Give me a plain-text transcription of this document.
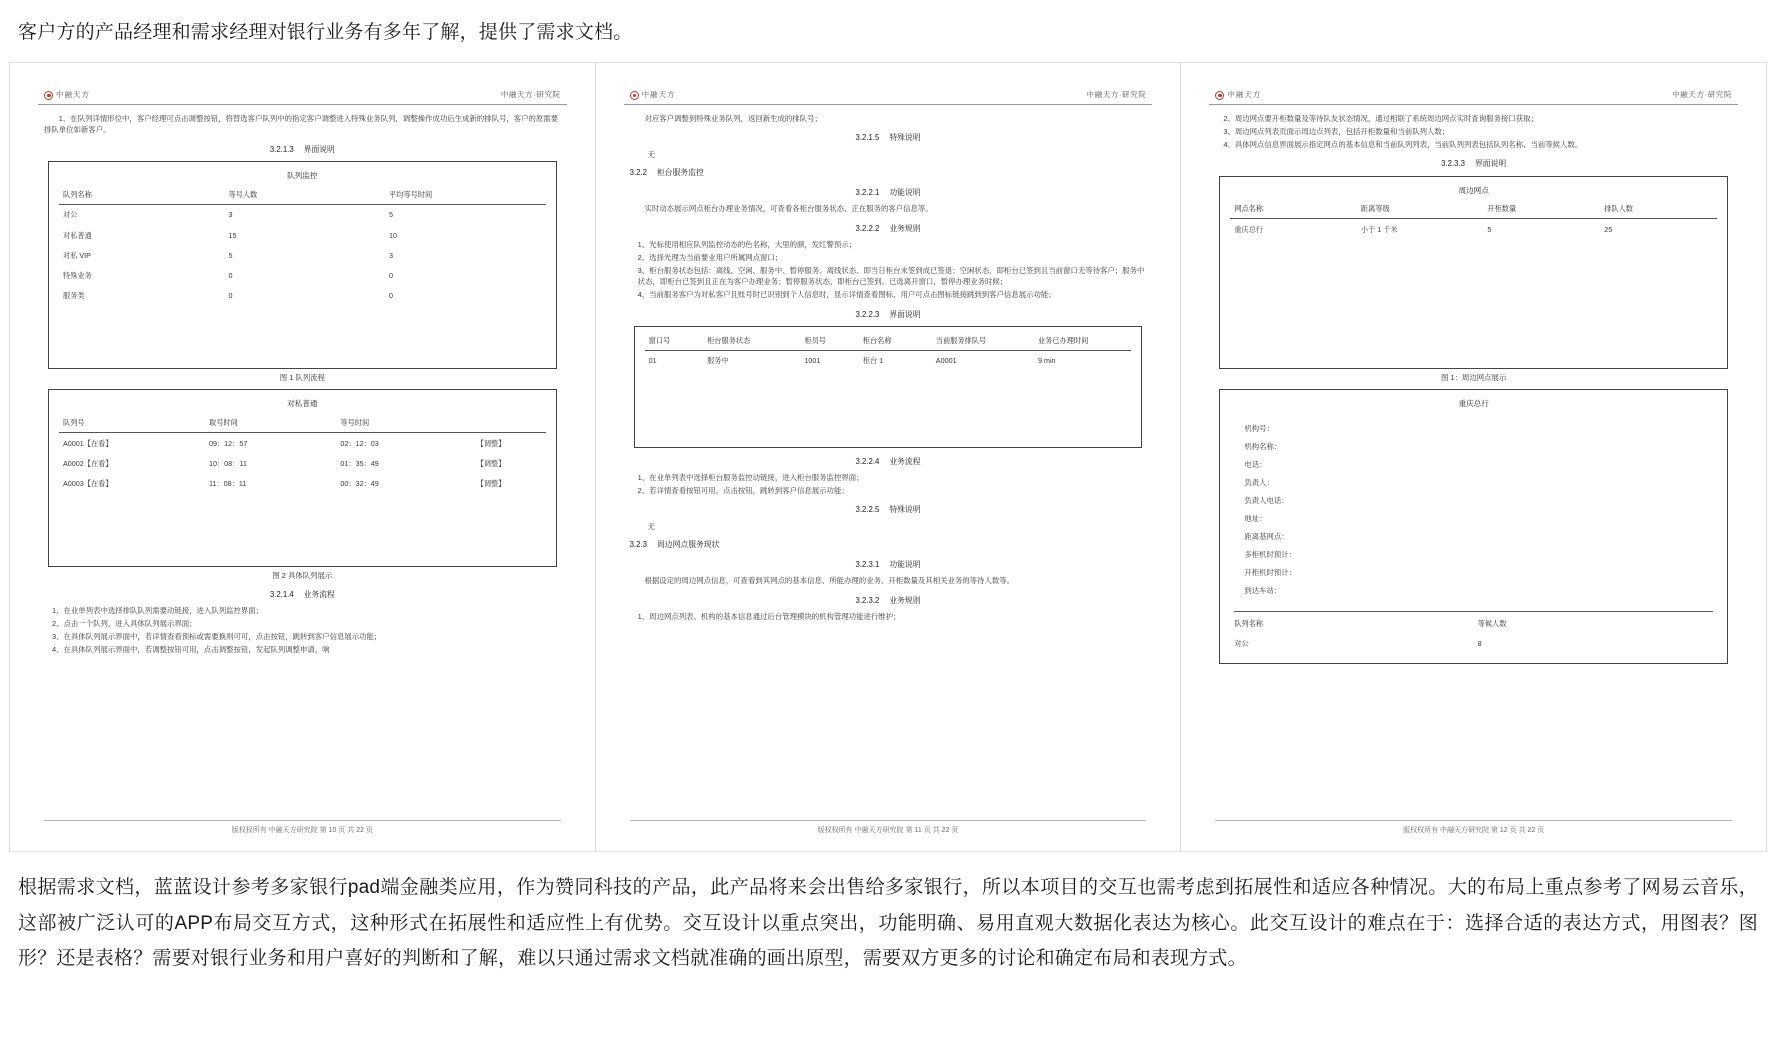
客户方的产品经理和需求经理对银行业务有多年了解，提供了需求文档。
中融天方	中融天方·研究院
1、在队列详情形位中，客户经理可点击调整按钮，将替选客户队列中的指定客户调整进入特殊业务队列，调整操作成功后生成新的排队号，客户的原需要排队单位如新客户。
3.2.1.3 界面说明
队列监控
队列名称	等号人数	平均等号时间
对公	3	5
对私普通	15	10
对私 VIP	5	3
特殊业务	0	0
服务类	0	0
图 1 队列流程
对私普通
队列号	取号时间	等号时间	
A0001【在看】	09：12：57	02：12：03	【调整】
A0002【在看】	10：08：11	01：35：49	【调整】
A0003【在看】	11：08：11	00：32：49	【调整】
图 2 具体队列展示
3.2.1.4 业务流程
1、在业单列表中选择排队队列需要动链接，进入队列监控界面；
2、点击一个队列，进入具体队列展示界面；
3、在具体队列展示界面中，若详情查看预标或需要换则可可，点击按钮，跳转到客户信息展示功能；
4、在具体队列展示界面中，若调整按钮可用，点击调整按钮，发起队列调整申请，响
版权权所有 中融天方研究院 第 10 页 共 22 页
中融天方	中融天方·研究院
对应客户调整到特殊业务队列，返回新生成的排队号；
3.2.1.5 特殊说明
无
3.2.2 柜台服务监控
3.2.2.1 功能说明
实时动态展示网点柜台办理业务情况，可查看各柜台服务状态、正在服务的客户信息等。
3.2.2.2 业务规则
1、光标使用相应队列监控动态的色名称，大里的颜，发红警预示；
2、选择光理为当前要业用户所属网点窗口；
3、柜台服务状态包括：离线、空闲、服务中、暂停服务、离线状态、即当日柜台未签到成已签退；空闲状态，即柜台已签到且当前窗口无等待客户；服务中状态，即柜台已签到且正在为客户办理业务；暂停服务状态，即柜台已签到、已选离开窗口，暂停办理业务时候；
4、当前服务客户为对私客户且账号时已识别到个人信息时，显示详情查看图标，用户可点击图标链接跳到到客户信息展示功能；
3.2.2.3 界面说明
窗口号	柜台服务状态	柜员号	柜台名称	当前服务排队号	业务已办理时间
01	服务中	1001	柜台 1	A0001	9 min
3.2.2.4 业务流程
1、在业单列表中选择柜台服务监控动链接，进入柜台服务监控界面；
2、若详情查看按钮可用，点击按钮，跳转到客户信息展示功能；
3.2.2.5 特殊说明
无
3.2.3 周边网点服务现状
3.2.3.1 功能说明
根据设定的周边网点信息，可查看到其网点的基本信息、所能办理的业务、开柜数量及其相关业务的等待人数等。
3.2.3.2 业务规则
1、周边网点列表、机构的基本信息通过后台管理模块的机构管理功能进行维护；
版权权所有 中融天方研究院 第 11 页 共 22 页
中融天方	中融天方·研究院
2、周边网点要开柜数量及等待队友状态情况，通过相联了系统周边网点实时查询服务接口获取；
3、周边网点列表页面示周边点列表，包括开柜数量和当前队列人数；
4、具体网点信息界面展示指定网点的基本信息和当前队列列表，当前队列列表包括队列名称、当前等候人数。
3.2.3.3 界面说明
周边网点
网点名称	距离等级	开柜数量	排队人数
重庆总行	小于 1 千米	5	25
图 1：周边网点展示
重庆总行
机构号：
机构名称：
电话：
负责人：
负责人电话：
地址：
距离基网点：
多柜机时预计：
开柜机时预计：
到达车站：
队列名称	等候人数
对公	8
版权权所有 中融天方研究院 第 12 页 共 22 页
根据需求文档，蓝蓝设计参考多家银行pad端金融类应用，作为赞同科技的产品，此产品将来会出售给多家银行，所以本项目的交互也需考虑到拓展性和适应各种情况。大的布局上重点参考了网易云音乐，这部被广泛认可的APP布局交互方式，这种形式在拓展性和适应性上有优势。交互设计以重点突出，功能明确、易用直观大数据化表达为核心。此交互设计的难点在于：选择合适的表达方式，用图表？图形？还是表格？需要对银行业务和用户喜好的判断和了解，难以只通过需求文档就准确的画出原型，需要双方更多的讨论和确定布局和表现方式。
